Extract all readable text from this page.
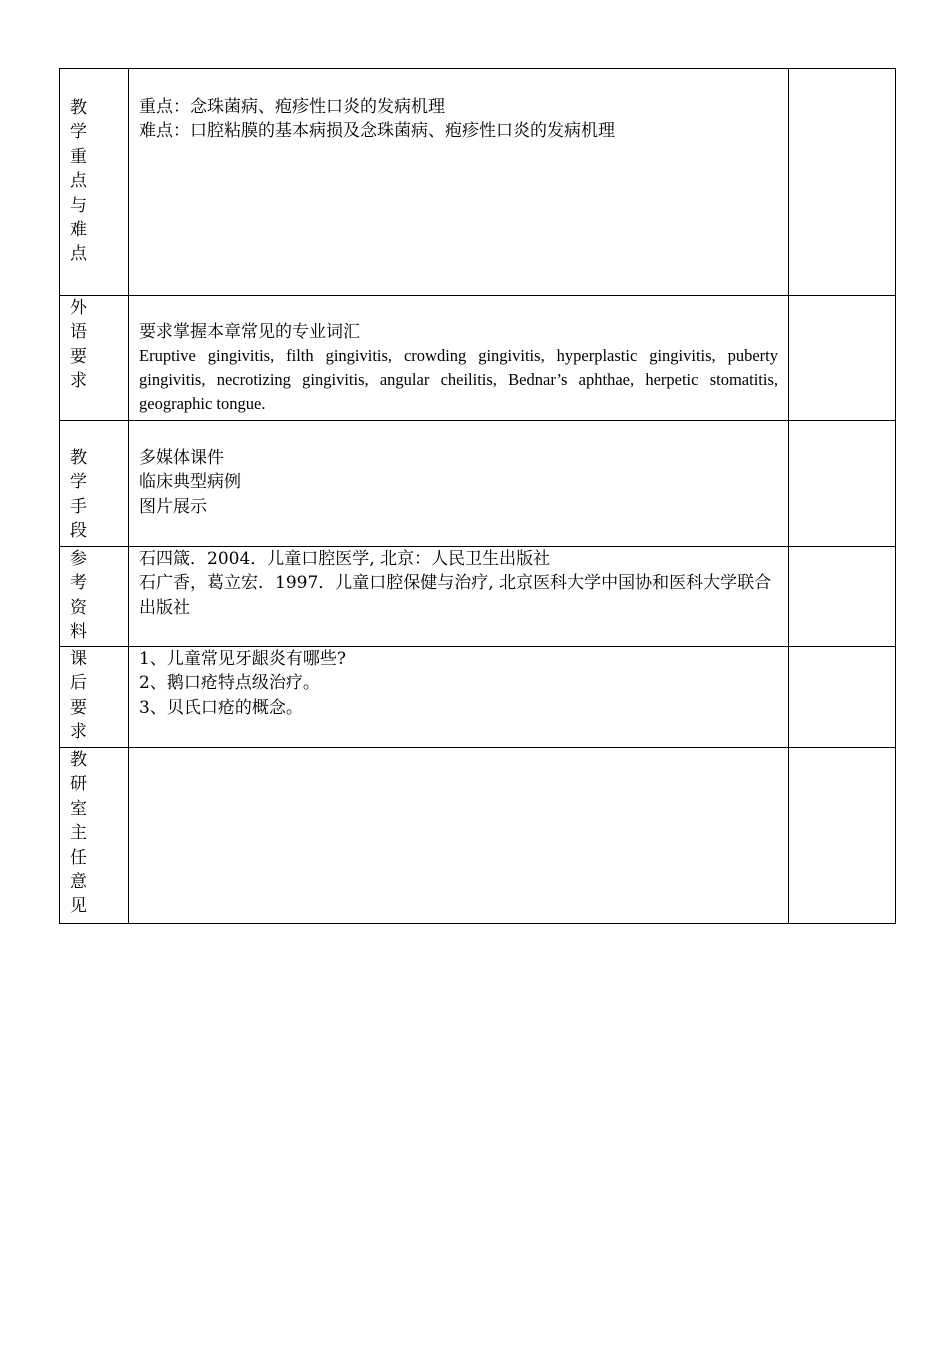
教学重点与难点	重点：念珠菌病、疱疹性口炎的发病机理

难点：口腔粘膜的基本病损及念珠菌病、疱疹性口炎的发病机理	

外语要求	要求掌握本章常见的专业词汇

Eruptive gingivitis, filth gingivitis, crowding gingivitis, hyperplastic gingivitis, puberty gingivitis, necrotizing gingivitis, angular cheilitis, Bednar’s aphthae, herpetic stomatitis, geographic tongue.	

教学手段	多媒体课件

临床典型病例

图片展示	

参考资料	石四箴．2004．儿童口腔医学, 北京：人民卫生出版社

石广香，葛立宏．1997．儿童口腔保健与治疗, 北京医科大学中国协和医科大学联合出版社	

课后要求	1、儿童常见牙龈炎有哪些?

2、鹅口疮特点级治疗。

3、贝氏口疮的概念。	

教研室主任意见		
